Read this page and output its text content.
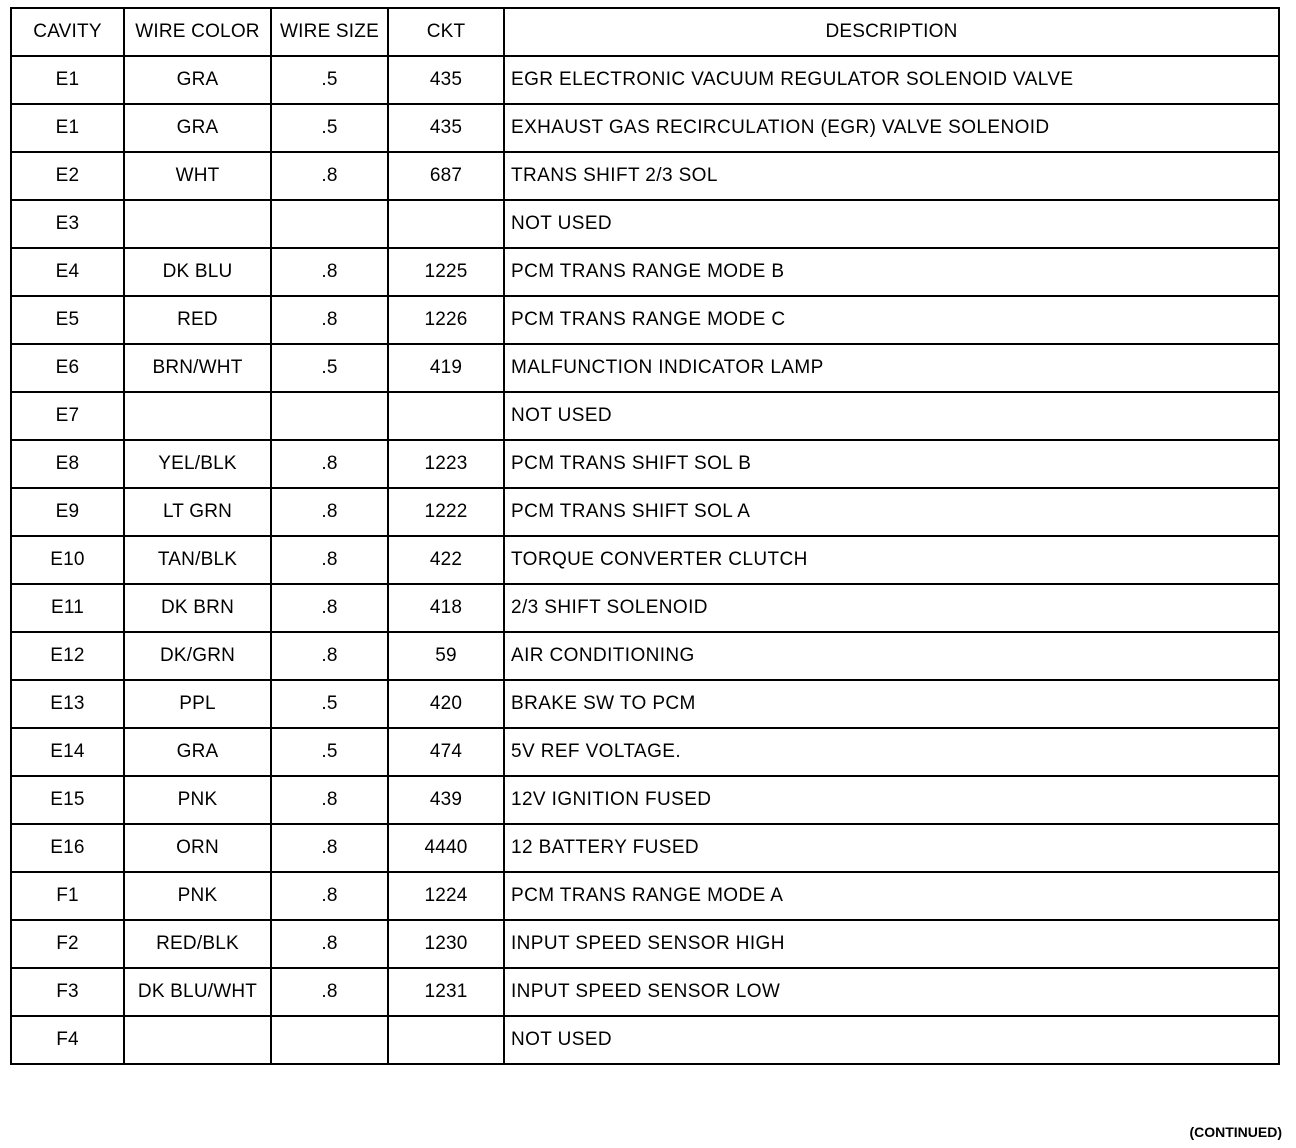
CAVITY	WIRE COLOR	WIRE SIZE	CKT	DESCRIPTION
E1	GRA	.5	435	EGR ELECTRONIC VACUUM REGULATOR SOLENOID VALVE
E1	GRA	.5	435	EXHAUST GAS RECIRCULATION (EGR) VALVE SOLENOID
E2	WHT	.8	687	TRANS SHIFT 2/3 SOL
E3				NOT USED
E4	DK BLU	.8	1225	PCM TRANS RANGE MODE B
E5	RED	.8	1226	PCM TRANS RANGE MODE C
E6	BRN/WHT	.5	419	MALFUNCTION INDICATOR LAMP
E7				NOT USED
E8	YEL/BLK	.8	1223	PCM TRANS SHIFT SOL B
E9	LT GRN	.8	1222	PCM TRANS SHIFT SOL A
E10	TAN/BLK	.8	422	TORQUE CONVERTER CLUTCH
E11	DK BRN	.8	418	2/3 SHIFT SOLENOID
E12	DK/GRN	.8	59	AIR CONDITIONING
E13	PPL	.5	420	BRAKE SW TO PCM
E14	GRA	.5	474	5V REF VOLTAGE.
E15	PNK	.8	439	12V IGNITION FUSED
E16	ORN	.8	4440	12 BATTERY FUSED
F1	PNK	.8	1224	PCM TRANS RANGE MODE A
F2	RED/BLK	.8	1230	INPUT SPEED SENSOR HIGH
F3	DK BLU/WHT	.8	1231	INPUT SPEED SENSOR LOW
F4				NOT USED
(CONTINUED)
